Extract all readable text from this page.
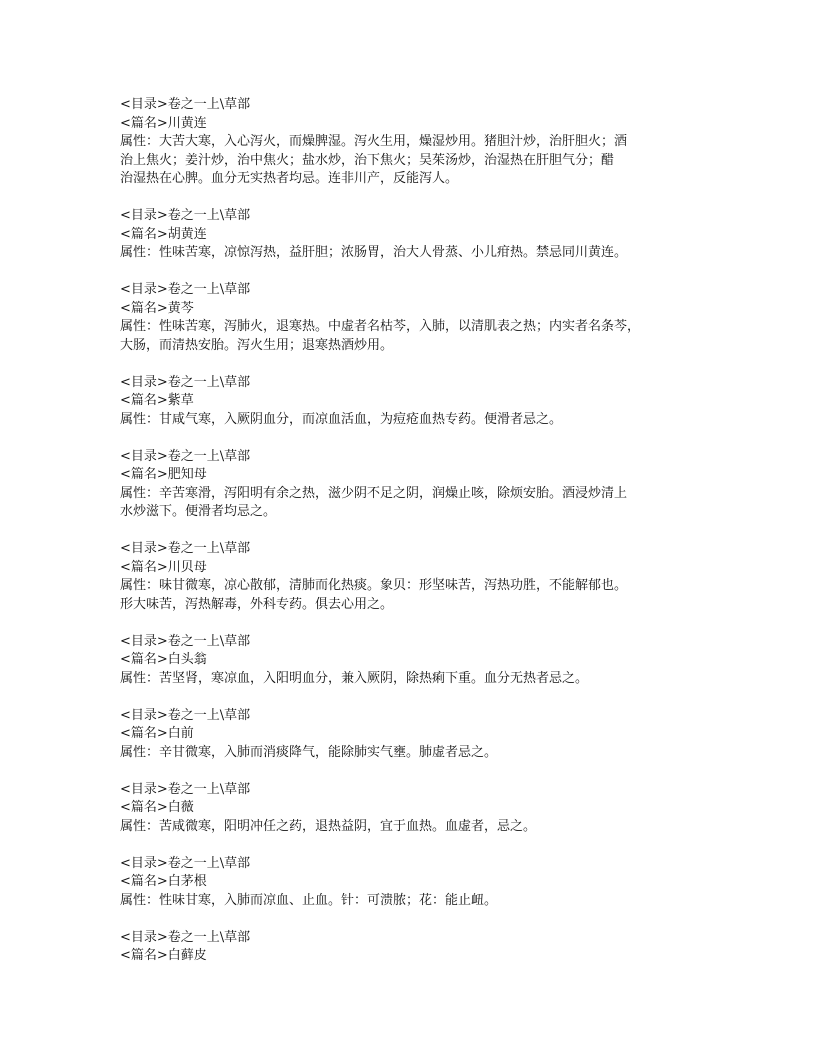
<目录>卷之一上\草部
<篇名>川黄连
属性：大苦大寒，入心泻火，而燥脾湿。泻火生用，燥湿炒用。猪胆汁炒，治肝胆火；酒
治上焦火；姜汁炒，治中焦火；盐水炒，治下焦火；吴茱汤炒，治湿热在肝胆气分；醋
治湿热在心脾。血分无实热者均忌。连非川产，反能泻人。
<目录>卷之一上\草部
<篇名>胡黄连
属性：性味苦寒，凉惊泻热，益肝胆；浓肠胃，治大人骨蒸、小儿疳热。禁忌同川黄连。
<目录>卷之一上\草部
<篇名>黄芩
属性：性味苦寒，泻肺火，退寒热。中虚者名枯芩，入肺，以清肌表之热；内实者名条芩，
大肠，而清热安胎。泻火生用；退寒热酒炒用。
<目录>卷之一上\草部
<篇名>紫草
属性：甘咸气寒，入厥阴血分，而凉血活血，为痘疮血热专药。便滑者忌之。
<目录>卷之一上\草部
<篇名>肥知母
属性：辛苦寒滑，泻阳明有余之热，滋少阴不足之阴，润燥止咳，除烦安胎。酒浸炒清上
水炒滋下。便滑者均忌之。
<目录>卷之一上\草部
<篇名>川贝母
属性：味甘微寒，凉心散郁，清肺而化热痰。象贝：形坚味苦，泻热功胜，不能解郁也。
形大味苦，泻热解毒，外科专药。俱去心用之。
<目录>卷之一上\草部
<篇名>白头翁
属性：苦坚肾，寒凉血，入阳明血分，兼入厥阴，除热痢下重。血分无热者忌之。
<目录>卷之一上\草部
<篇名>白前
属性：辛甘微寒，入肺而消痰降气，能除肺实气壅。肺虚者忌之。
<目录>卷之一上\草部
<篇名>白薇
属性：苦咸微寒，阳明冲任之药，退热益阴，宜于血热。血虚者，忌之。
<目录>卷之一上\草部
<篇名>白茅根
属性：性味甘寒，入肺而凉血、止血。针：可溃脓；花：能止衄。
<目录>卷之一上\草部
<篇名>白藓皮
